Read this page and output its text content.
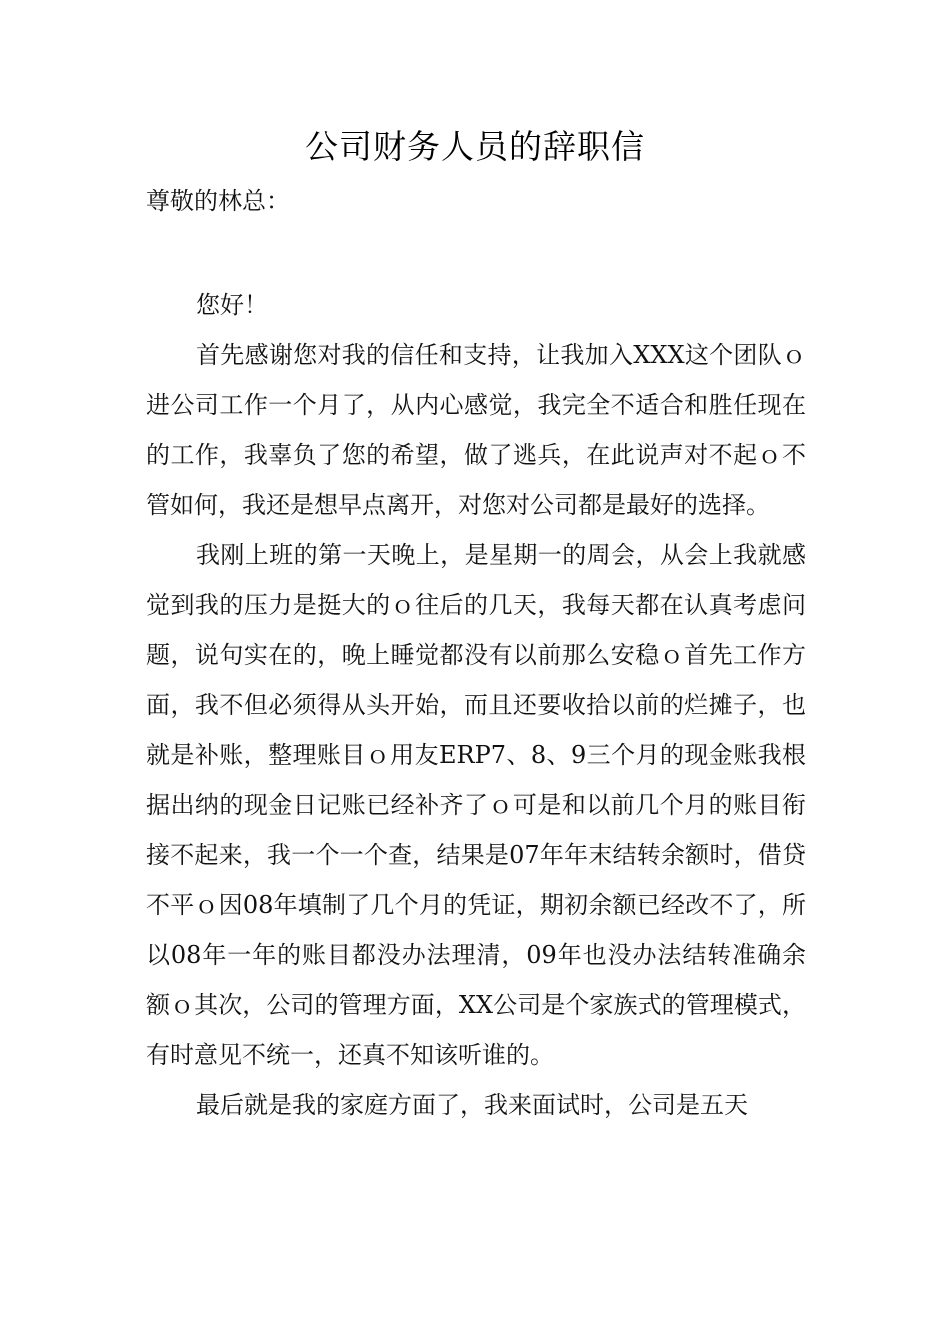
公司财务人员的辞职信
尊敬的林总：

您好！

首先感谢您对我的信任和支持，让我加入XXX这个团队ｏ进公司工作一个月了，从内心感觉，我完全不适合和胜任现在的工作，我辜负了您的希望，做了逃兵，在此说声对不起ｏ不管如何，我还是想早点离开，对您对公司都是最好的选择。

我刚上班的第一天晚上，是星期一的周会，从会上我就感觉到我的压力是挺大的ｏ往后的几天，我每天都在认真考虑问题，说句实在的，晚上睡觉都没有以前那么安稳ｏ首先工作方面，我不但必须得从头开始，而且还要收拾以前的烂摊子，也就是补账，整理账目ｏ用友ERP7、8、9三个月的现金账我根据出纳的现金日记账已经补齐了ｏ可是和以前几个月的账目衔接不起来，我一个一个查，结果是07年年末结转余额时，借贷不平ｏ因08年填制了几个月的凭证，期初余额已经改不了，所以08年一年的账目都没办法理清，09年也没办法结转准确余额ｏ其次，公司的管理方面，XX公司是个家族式的管理模式，有时意见不统一，还真不知该听谁的。

最后就是我的家庭方面了，我来面试时，公司是五天
